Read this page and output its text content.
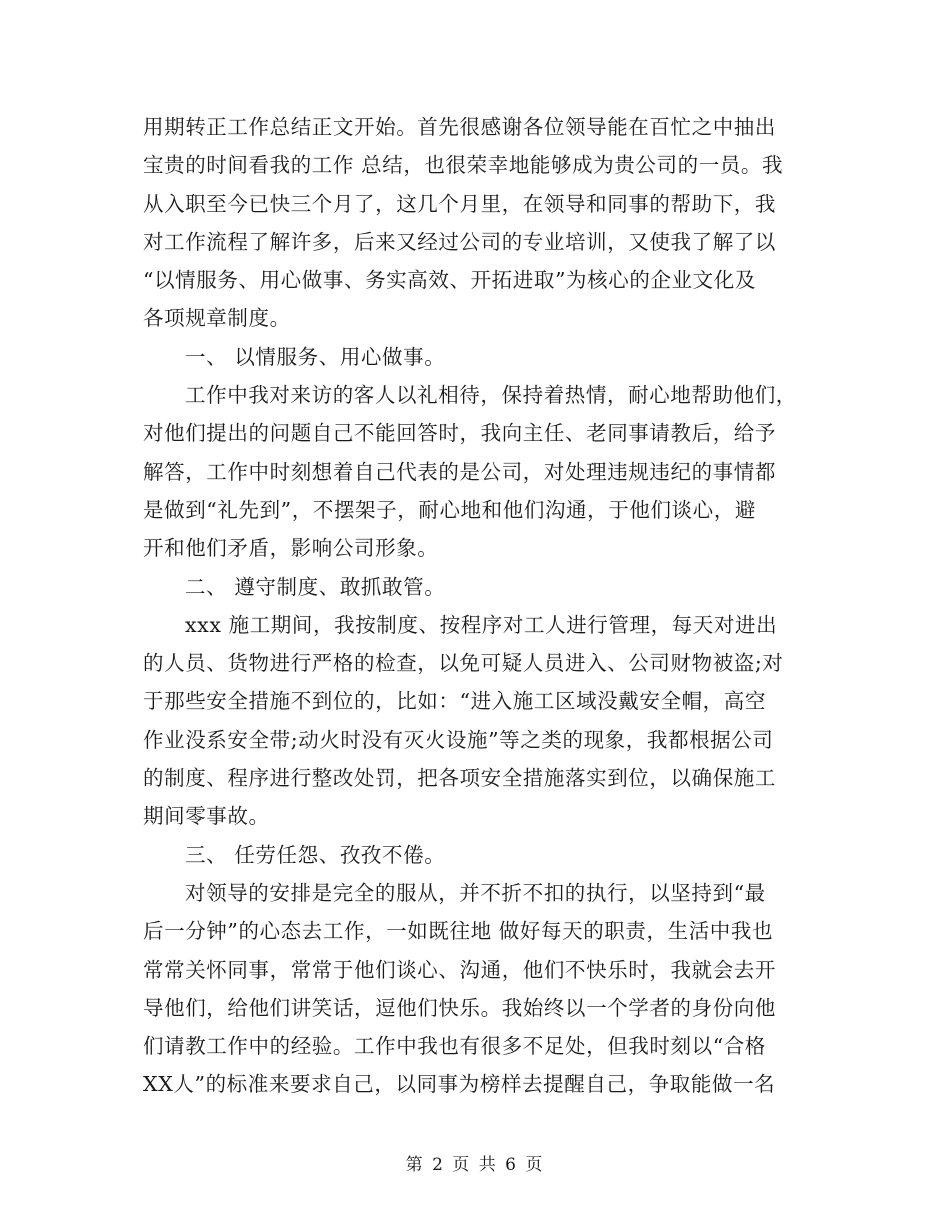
用期转正工作总结正文开始。首先很感谢各位领导能在百忙之中抽出
宝贵的时间看我的工作 总结，也很荣幸地能够成为贵公司的一员。我
从入职至今已快三个月了，这几个月里，在领导和同事的帮助下，我
对工作流程了解许多，后来又经过公司的专业培训，又使我了解了以
“以情服务、用心做事、务实高效、开拓进取”为核心的企业文化及
各项规章制度。
一、 以情服务、用心做事。
工作中我对来访的客人以礼相待，保持着热情，耐心地帮助他们，
对他们提出的问题自己不能回答时，我向主任、老同事请教后，给予
解答，工作中时刻想着自己代表的是公司，对处理违规违纪的事情都
是做到“礼先到”，不摆架子，耐心地和他们沟通，于他们谈心，避
开和他们矛盾，影响公司形象。
二、 遵守制度、敢抓敢管。
xxx 施工期间，我按制度、按程序对工人进行管理，每天对进出
的人员、货物进行严格的检查，以免可疑人员进入、公司财物被盗;对
于那些安全措施不到位的，比如：“进入施工区域没戴安全帽，高空
作业没系安全带;动火时没有灭火设施”等之类的现象，我都根据公司
的制度、程序进行整改处罚，把各项安全措施落实到位，以确保施工
期间零事故。
三、 任劳任怨、孜孜不倦。
对领导的安排是完全的服从，并不折不扣的执行，以坚持到“最
后一分钟”的心态去工作，一如既往地 做好每天的职责，生活中我也
常常关怀同事，常常于他们谈心、沟通，他们不快乐时，我就会去开
导他们，给他们讲笑话，逗他们快乐。我始终以一个学者的身份向他
们请教工作中的经验。工作中我也有很多不足处，但我时刻以“合格
XX人”的标准来要求自己，以同事为榜样去提醒自己，争取能做一名
第 2 页 共 6 页
